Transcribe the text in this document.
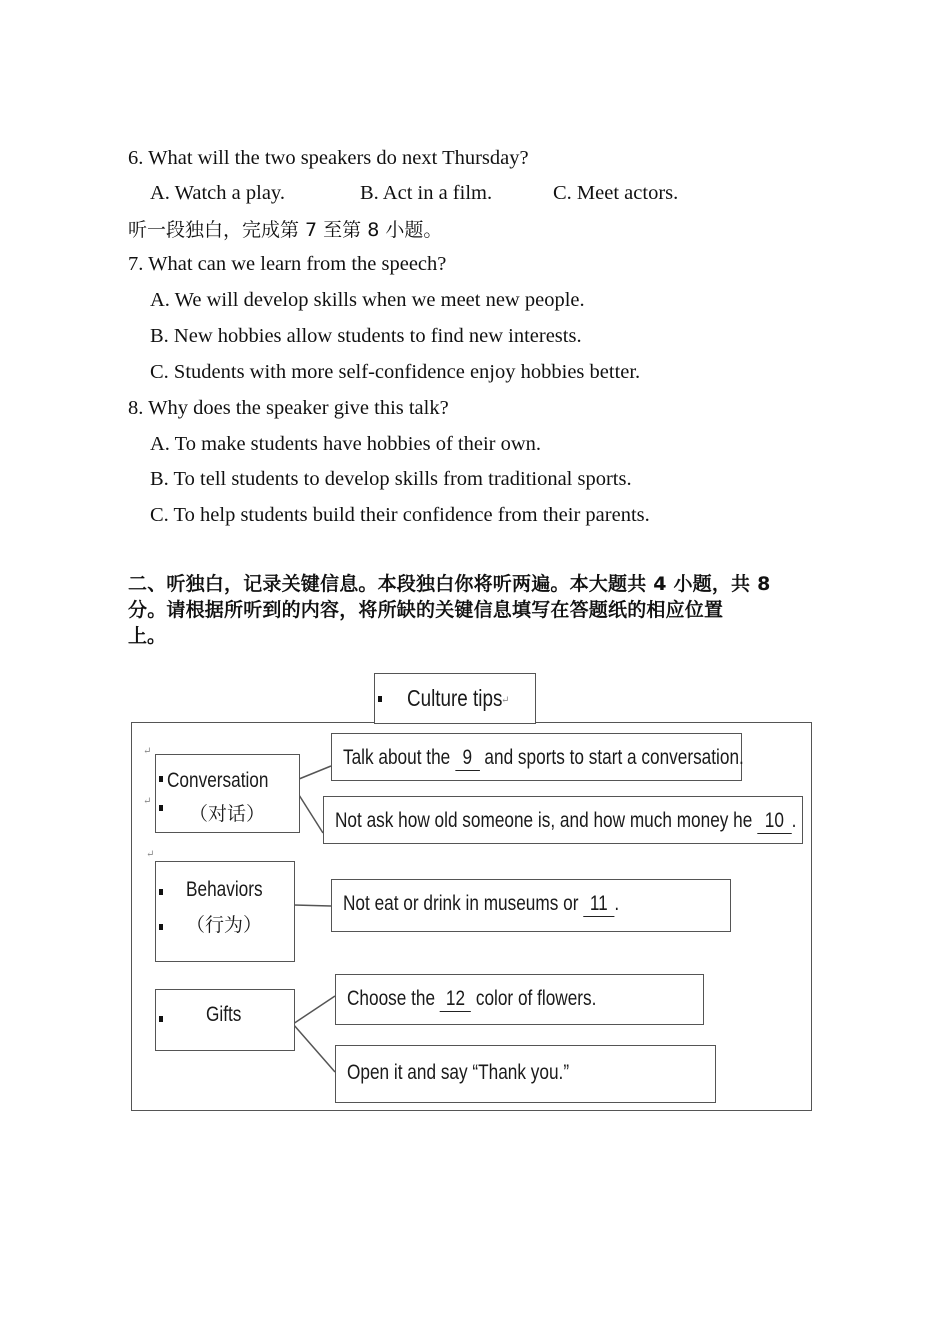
6. What will the two speakers do next Thursday?
A. Watch a play.	B. Act in a film.	C. Meet actors.
听一段独白，完成第 7 至第 8 小题。
7. What can we learn from the speech?
A. We will develop skills when we meet new people.
B. New hobbies allow students to find new interests.
C. Students with more self-confidence enjoy hobbies better.
8. Why does the speaker give this talk?
A. To make students have hobbies of their own.
B. To tell students to develop skills from traditional sports.
C. To help students build their confidence from their parents.
二、听独白，记录关键信息。本段独白你将听两遍。本大题共 4 小题，共 8
分。请根据所听到的内容，将所缺的关键信息填写在答题纸的相应位置
上。
Culture tips
↵
↵
↵
↵
Conversation
（对话）
Behaviors
（行为）
Gifts
Talk about the 9 and sports to start a conversation.
Not ask how old someone is, and how much money he 10 .
Not eat or drink in museums or 11 .
Choose the 12 color of flowers.
Open it and say “Thank you.”
